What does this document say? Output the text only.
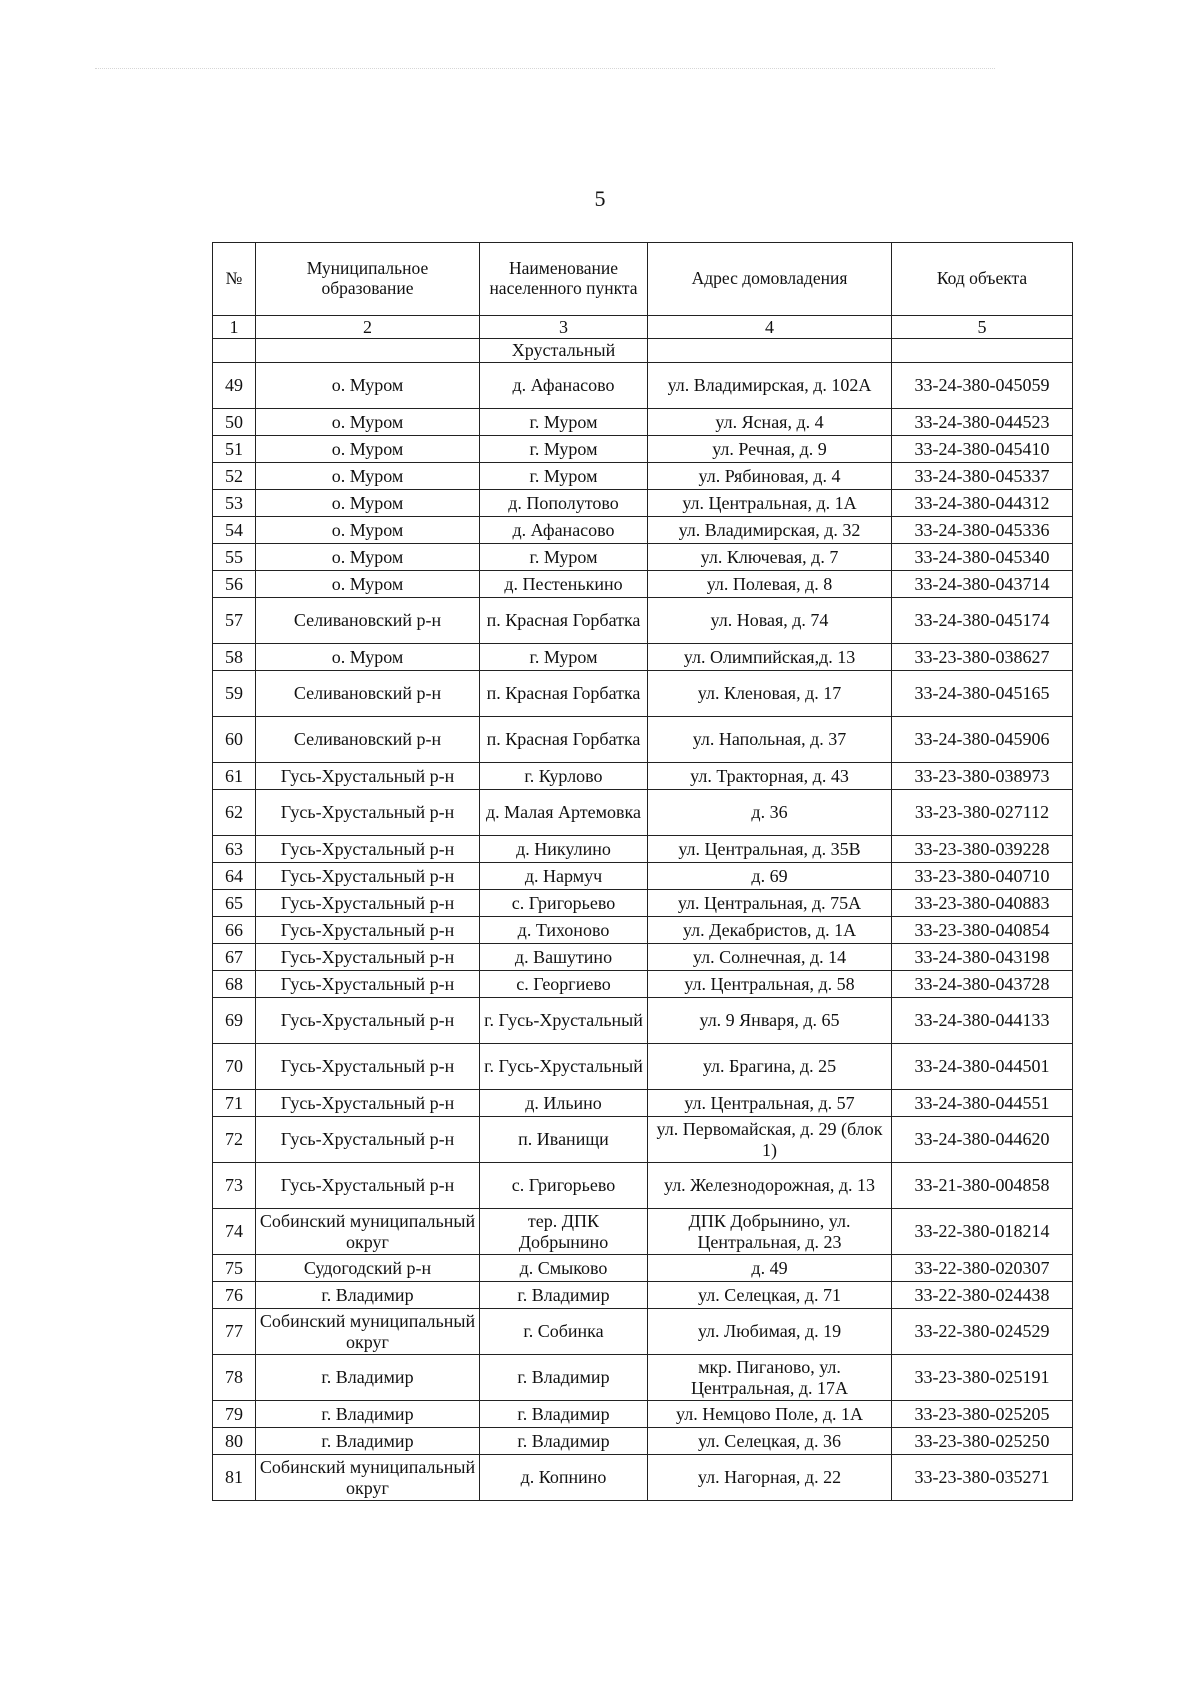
5
№	Муниципальное образование	Наименование населенного пункта	Адрес домовладения	Код объекта
1	2	3	4	5
		Хрустальный		
49	о. Муром	д. Афанасово	ул. Владимирская, д. 102А	33-24-380-045059
50	о. Муром	г. Муром	ул. Ясная, д. 4	33-24-380-044523
51	о. Муром	г. Муром	ул. Речная, д. 9	33-24-380-045410
52	о. Муром	г. Муром	ул. Рябиновая, д. 4	33-24-380-045337
53	о. Муром	д. Пополутово	ул. Центральная, д. 1А	33-24-380-044312
54	о. Муром	д. Афанасово	ул. Владимирская, д. 32	33-24-380-045336
55	о. Муром	г. Муром	ул. Ключевая, д. 7	33-24-380-045340
56	о. Муром	д. Пестенькино	ул. Полевая, д. 8	33-24-380-043714
57	Селивановский р-н	п. Красная Горбатка	ул. Новая, д. 74	33-24-380-045174
58	о. Муром	г. Муром	ул. Олимпийская,д. 13	33-23-380-038627
59	Селивановский р-н	п. Красная Горбатка	ул. Кленовая, д. 17	33-24-380-045165
60	Селивановский р-н	п. Красная Горбатка	ул. Напольная, д. 37	33-24-380-045906
61	Гусь-Хрустальный р-н	г. Курлово	ул. Тракторная, д. 43	33-23-380-038973
62	Гусь-Хрустальный р-н	д. Малая Артемовка	д. 36	33-23-380-027112
63	Гусь-Хрустальный р-н	д. Никулино	ул. Центральная, д. 35В	33-23-380-039228
64	Гусь-Хрустальный р-н	д. Нармуч	д. 69	33-23-380-040710
65	Гусь-Хрустальный р-н	с. Григорьево	ул. Центральная, д. 75А	33-23-380-040883
66	Гусь-Хрустальный р-н	д. Тихоново	ул. Декабристов, д. 1А	33-23-380-040854
67	Гусь-Хрустальный р-н	д. Вашутино	ул. Солнечная, д. 14	33-24-380-043198
68	Гусь-Хрустальный р-н	с. Георгиево	ул. Центральная, д. 58	33-24-380-043728
69	Гусь-Хрустальный р-н	г. Гусь-Хрустальный	ул. 9 Января, д. 65	33-24-380-044133
70	Гусь-Хрустальный р-н	г. Гусь-Хрустальный	ул. Брагина, д. 25	33-24-380-044501
71	Гусь-Хрустальный р-н	д. Ильино	ул. Центральная, д. 57	33-24-380-044551
72	Гусь-Хрустальный р-н	п. Иванищи	ул. Первомайская, д. 29 (блок 1)	33-24-380-044620
73	Гусь-Хрустальный р-н	с. Григорьево	ул. Железнодорожная, д. 13	33-21-380-004858
74	Собинский муниципальный округ	тер. ДПК Добрынино	ДПК Добрынино, ул. Центральная, д. 23	33-22-380-018214
75	Судогодский р-н	д. Смыково	д. 49	33-22-380-020307
76	г. Владимир	г. Владимир	ул. Селецкая, д. 71	33-22-380-024438
77	Собинский муниципальный округ	г. Собинка	ул. Любимая, д. 19	33-22-380-024529
78	г. Владимир	г. Владимир	мкр. Пиганово, ул. Центральная, д. 17А	33-23-380-025191
79	г. Владимир	г. Владимир	ул. Немцово Поле, д. 1А	33-23-380-025205
80	г. Владимир	г. Владимир	ул. Селецкая, д. 36	33-23-380-025250
81	Собинский муниципальный округ	д. Копнино	ул. Нагорная, д. 22	33-23-380-035271
